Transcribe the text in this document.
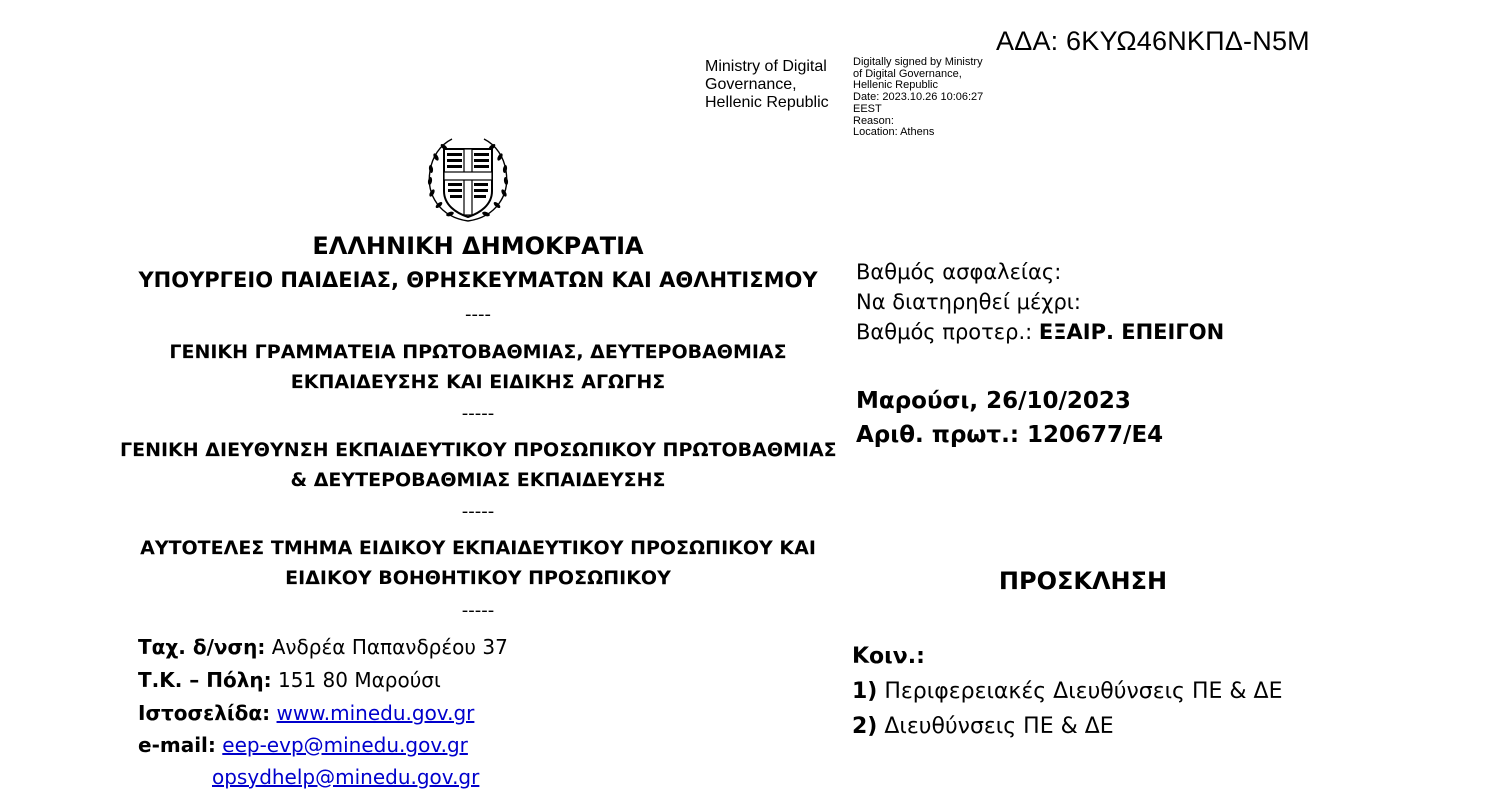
ΑΔΑ: 6ΚΥΩ46ΝΚΠΔ-Ν5Μ
Ministry of Digital
Governance,
Hellenic Republic
Digitally signed by Ministry
of Digital Governance,
Hellenic Republic
Date: 2023.10.26 10:06:27
EEST
Reason:
Location: Athens
ΕΛΛΗΝΙΚΗ ΔΗΜΟΚΡΑΤΙΑ
ΥΠΟΥΡΓΕΙΟ ΠΑΙΔΕΙΑΣ, ΘΡΗΣΚΕΥΜΑΤΩΝ ΚΑΙ ΑΘΛΗΤΙΣΜΟΥ
----
ΓΕΝΙΚΗ ΓΡΑΜΜΑΤΕΙΑ ΠΡΩΤΟΒΑΘΜΙΑΣ, ΔΕΥΤΕΡΟΒΑΘΜΙΑΣ
ΕΚΠΑΙΔΕΥΣΗΣ ΚΑΙ ΕΙΔΙΚΗΣ ΑΓΩΓΗΣ
-----
ΓΕΝΙΚΗ ΔΙΕΥΘΥΝΣΗ ΕΚΠΑΙΔΕΥΤΙΚΟΥ ΠΡΟΣΩΠΙΚΟΥ ΠΡΩΤΟΒΑΘΜΙΑΣ
& ΔΕΥΤΕΡΟΒΑΘΜΙΑΣ ΕΚΠΑΙΔΕΥΣΗΣ
-----
ΑΥΤΟΤΕΛΕΣ ΤΜΗΜΑ ΕΙΔΙΚΟΥ ΕΚΠΑΙΔΕΥΤΙΚΟΥ ΠΡΟΣΩΠΙΚΟΥ ΚΑΙ
ΕΙΔΙΚΟΥ ΒΟΗΘΗΤΙΚΟΥ ΠΡΟΣΩΠΙΚΟΥ
-----
Ταχ. δ/νση: Ανδρέα Παπανδρέου 37
Τ.Κ. – Πόλη: 151 80 Μαρούσι
Ιστοσελίδα: www.minedu.gov.gr
e-mail: eep-evp@minedu.gov.gr
opsydhelp@minedu.gov.gr
Βαθμός ασφαλείας:
Να διατηρηθεί μέχρι:
Βαθμός προτερ.: ΕΞΑΙΡ. ΕΠΕΙΓΟΝ
Μαρούσι, 26/10/2023
Αριθ. πρωτ.: 120677/Ε4
ΠΡΟΣΚΛΗΣΗ
Κοιν.:
1) Περιφερειακές Διευθύνσεις ΠΕ & ΔΕ
2) Διευθύνσεις ΠΕ & ΔΕ
